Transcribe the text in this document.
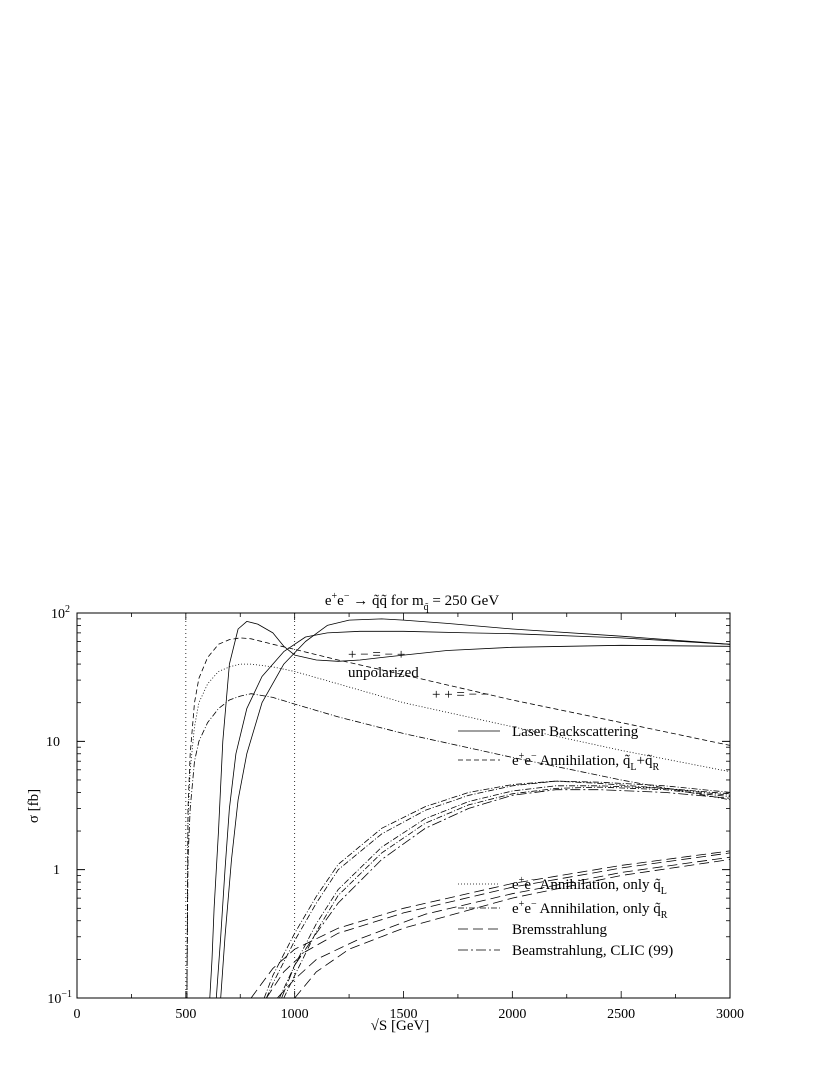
e+e− → q̃q̃ for $m_{q̃} = 250$ GeV
σ [fb]
√S [GeV]
$10^2$
10
1
$10^{-1}$
0	500	1000	1500	2000	2500	3000
+ − = − +
unpolarized
+ + = − −
Laser Backscattering
e+e− Annihilation, $q̃_L+q̃_R$
e+e− Annihilation, only $q̃_L$
e+e− Annihilation, only $q̃_R$
Bremsstrahlung
Beamstrahlung, CLIC (99)
